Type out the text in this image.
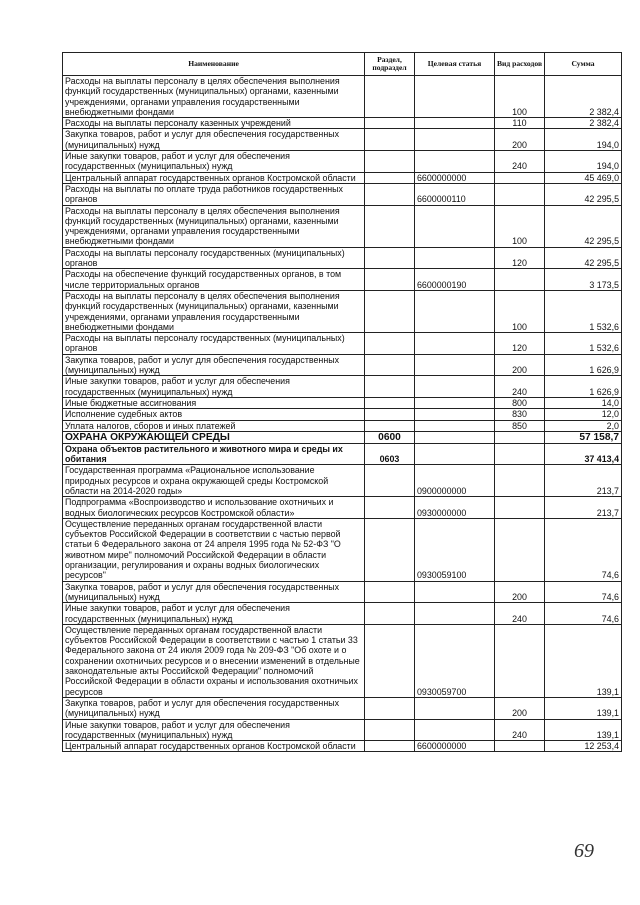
Наименование	Раздел, подраздел	Целевая статья	Вид расходов	Сумма
Расходы на выплаты персоналу в целях обеспечения выполнения функций государственных (муниципальных) органами, казенными учреждениями, органами управления государственными внебюджетными фондами			100	2 382,4
Расходы на выплаты персоналу казенных учреждений			110	2 382,4
Закупка товаров, работ и услуг для обеспечения государственных (муниципальных) нужд			200	194,0
Иные закупки товаров, работ и услуг для обеспечения государственных (муниципальных) нужд			240	194,0
Центральный аппарат государственных органов Костромской области		6600000000		45 469,0
Расходы на выплаты по оплате труда работников государственных органов		6600000110		42 295,5
Расходы на выплаты персоналу в целях обеспечения выполнения функций государственных (муниципальных) органами, казенными учреждениями, органами управления государственными внебюджетными фондами			100	42 295,5
Расходы на выплаты персоналу государственных (муниципальных) органов			120	42 295,5
Расходы на обеспечение функций государственных органов, в том числе территориальных органов		6600000190		3 173,5
Расходы на выплаты персоналу в целях обеспечения выполнения функций государственных (муниципальных) органами, казенными учреждениями, органами управления государственными внебюджетными фондами			100	1 532,6
Расходы на выплаты персоналу государственных (муниципальных) органов			120	1 532,6
Закупка товаров, работ и услуг для обеспечения государственных (муниципальных) нужд			200	1 626,9
Иные закупки товаров, работ и услуг для обеспечения государственных (муниципальных) нужд			240	1 626,9
Иные бюджетные ассигнования			800	14,0
Исполнение судебных актов			830	12,0
Уплата налогов, сборов и иных платежей			850	2,0
ОХРАНА ОКРУЖАЮЩЕЙ СРЕДЫ	0600			57 158,7
Охрана объектов растительного и животного мира и среды их обитания	0603			37 413,4
Государственная программа «Рациональное использование природных ресурсов и охрана окружающей среды Костромской области на 2014-2020 годы»		0900000000		213,7
Подпрограмма «Воспроизводство и использование охотничьих и водных биологических ресурсов Костромской области»		0930000000		213,7
Осуществление переданных органам государственной власти субъектов Российской Федерации в соответствии с частью первой статьи 6 Федерального закона от 24 апреля 1995 года № 52-ФЗ "О животном мире" полномочий Российской Федерации в области организации, регулирования и охраны водных биологических ресурсов"		0930059100		74,6
Закупка товаров, работ и услуг для обеспечения государственных (муниципальных) нужд			200	74,6
Иные закупки товаров, работ и услуг для обеспечения государственных (муниципальных) нужд			240	74,6
Осуществление переданных органам государственной власти субъектов Российской Федерации в соответствии с частью 1 статьи 33 Федерального закона от 24 июля 2009 года № 209-ФЗ "Об охоте и о сохранении охотничьих ресурсов и о внесении изменений в отдельные законодательные акты Российской Федерации" полномочий Российской Федерации в области охраны и использования охотничьих ресурсов		0930059700		139,1
Закупка товаров, работ и услуг для обеспечения государственных (муниципальных) нужд			200	139,1
Иные закупки товаров, работ и услуг для обеспечения государственных (муниципальных) нужд			240	139,1
Центральный аппарат государственных органов Костромской области		6600000000		12 253,4
69
